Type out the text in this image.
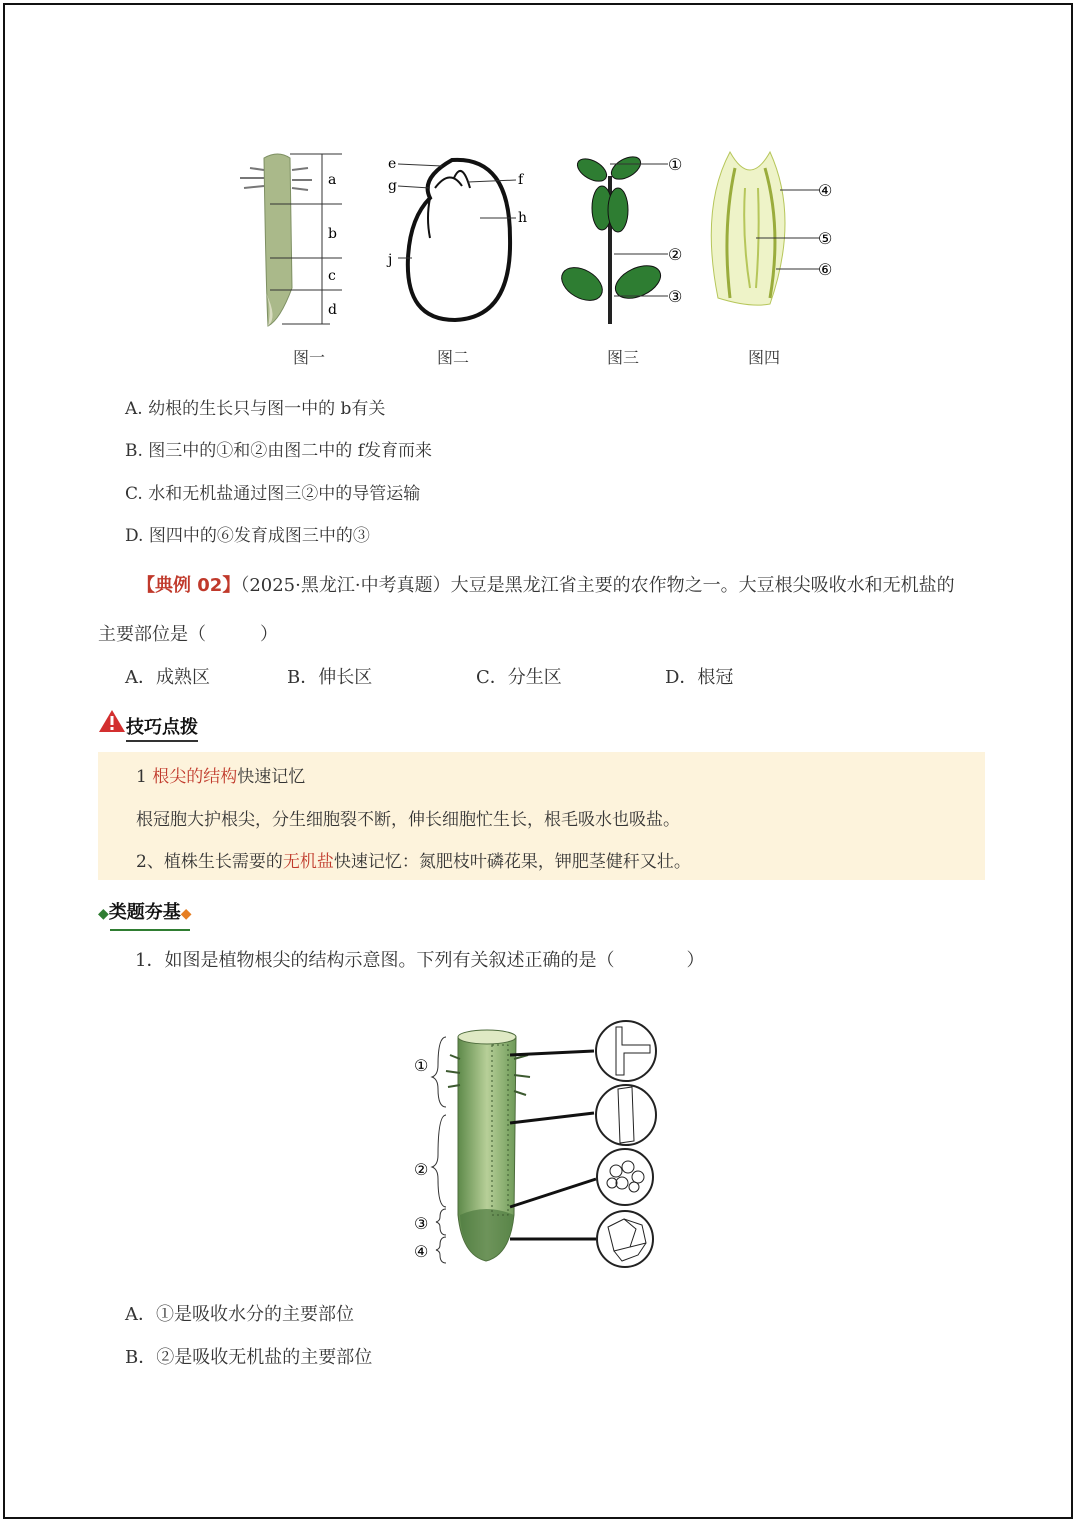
a
b
c
d
e
g	f
h
j
①
②
③
④
⑤
⑥
图一	图二	图三	图四
A. 幼根的生长只与图一中的 b有关
B. 图三中的①和②由图二中的 f发育而来
C. 水和无机盐通过图三②中的导管运输
D. 图四中的⑥发育成图三中的③
【典例 02】（2025·黑龙江·中考真题）大豆是黑龙江省主要的农作物之一。大豆根尖吸收水和无机盐的
主要部位是（　　　）
A．成熟区	B．伸长区	C．分生区	D．根冠
技巧点拨
1 根尖的结构快速记忆
根冠胞大护根尖，分生细胞裂不断，伸长细胞忙生长，根毛吸水也吸盐。
2、植株生长需要的无机盐快速记忆：氮肥枝叶磷花果，钾肥茎健秆又壮。
◆类题夯基◆
1．如图是植物根尖的结构示意图。下列有关叙述正确的是（　　　　）
①
②
③
④
A．①是吸收水分的主要部位
B．②是吸收无机盐的主要部位
